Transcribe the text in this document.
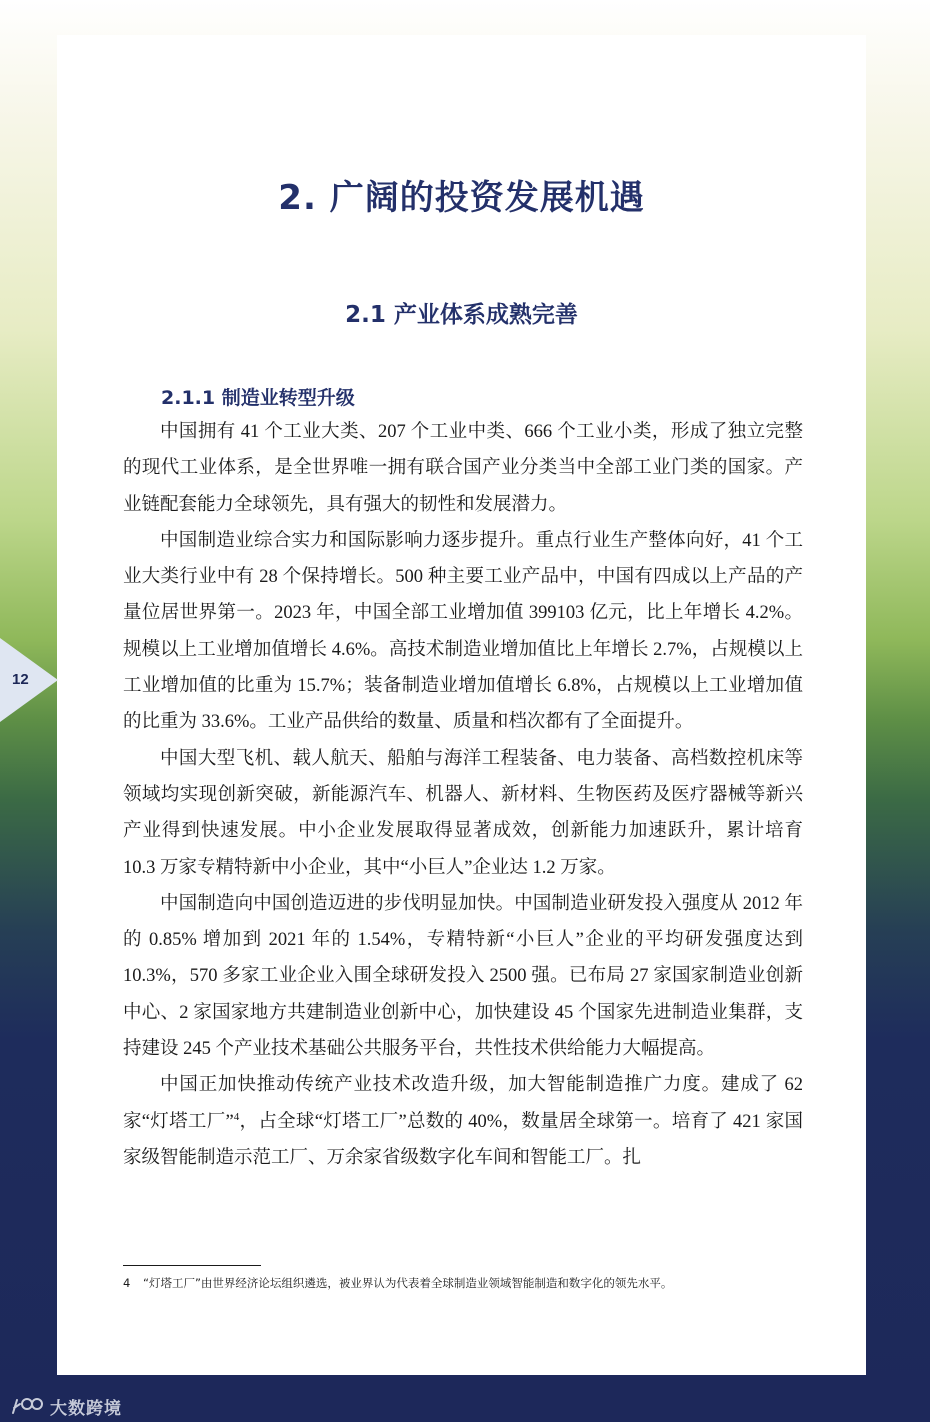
12
2. 广阔的投资发展机遇
2.1 产业体系成熟完善
2.1.1 制造业转型升级

中国拥有 41 个工业大类、207 个工业中类、666 个工业小类，形成了独立完整的现代工业体系，是全世界唯一拥有联合国产业分类当中全部工业门类的国家。产业链配套能力全球领先，具有强大的韧性和发展潜力。

中国制造业综合实力和国际影响力逐步提升。重点行业生产整体向好，41 个工业大类行业中有 28 个保持增长。500 种主要工业产品中，中国有四成以上产品的产量位居世界第一。2023 年，中国全部工业增加值 399103 亿元，比上年增长 4.2%。规模以上工业增加值增长 4.6%。高技术制造业增加值比上年增长 2.7%，占规模以上工业增加值的比重为 15.7%；装备制造业增加值增长 6.8%，占规模以上工业增加值的比重为 33.6%。工业产品供给的数量、质量和档次都有了全面提升。

中国大型飞机、载人航天、船舶与海洋工程装备、电力装备、高档数控机床等领域均实现创新突破，新能源汽车、机器人、新材料、生物医药及医疗器械等新兴产业得到快速发展。中小企业发展取得显著成效，创新能力加速跃升，累计培育 10.3 万家专精特新中小企业，其中“小巨人”企业达 1.2 万家。

中国制造向中国创造迈进的步伐明显加快。中国制造业研发投入强度从 2012 年的 0.85% 增加到 2021 年的 1.54%，专精特新“小巨人”企业的平均研发强度达到 10.3%，570 多家工业企业入围全球研发投入 2500 强。已布局 27 家国家制造业创新中心、2 家国家地方共建制造业创新中心，加快建设 45 个国家先进制造业集群，支持建设 245 个产业技术基础公共服务平台，共性技术供给能力大幅提高。

中国正加快推动传统产业技术改造升级，加大智能制造推广力度。建成了 62 家“灯塔工厂”$^4$，占全球“灯塔工厂”总数的 40%，数量居全球第一。培育了 421 家国家级智能制造示范工厂、万余家省级数字化车间和智能工厂。扎

4 “灯塔工厂”由世界经济论坛组织遴选，被业界认为代表着全球制造业领域智能制造和数字化的领先水平。
大数跨境
